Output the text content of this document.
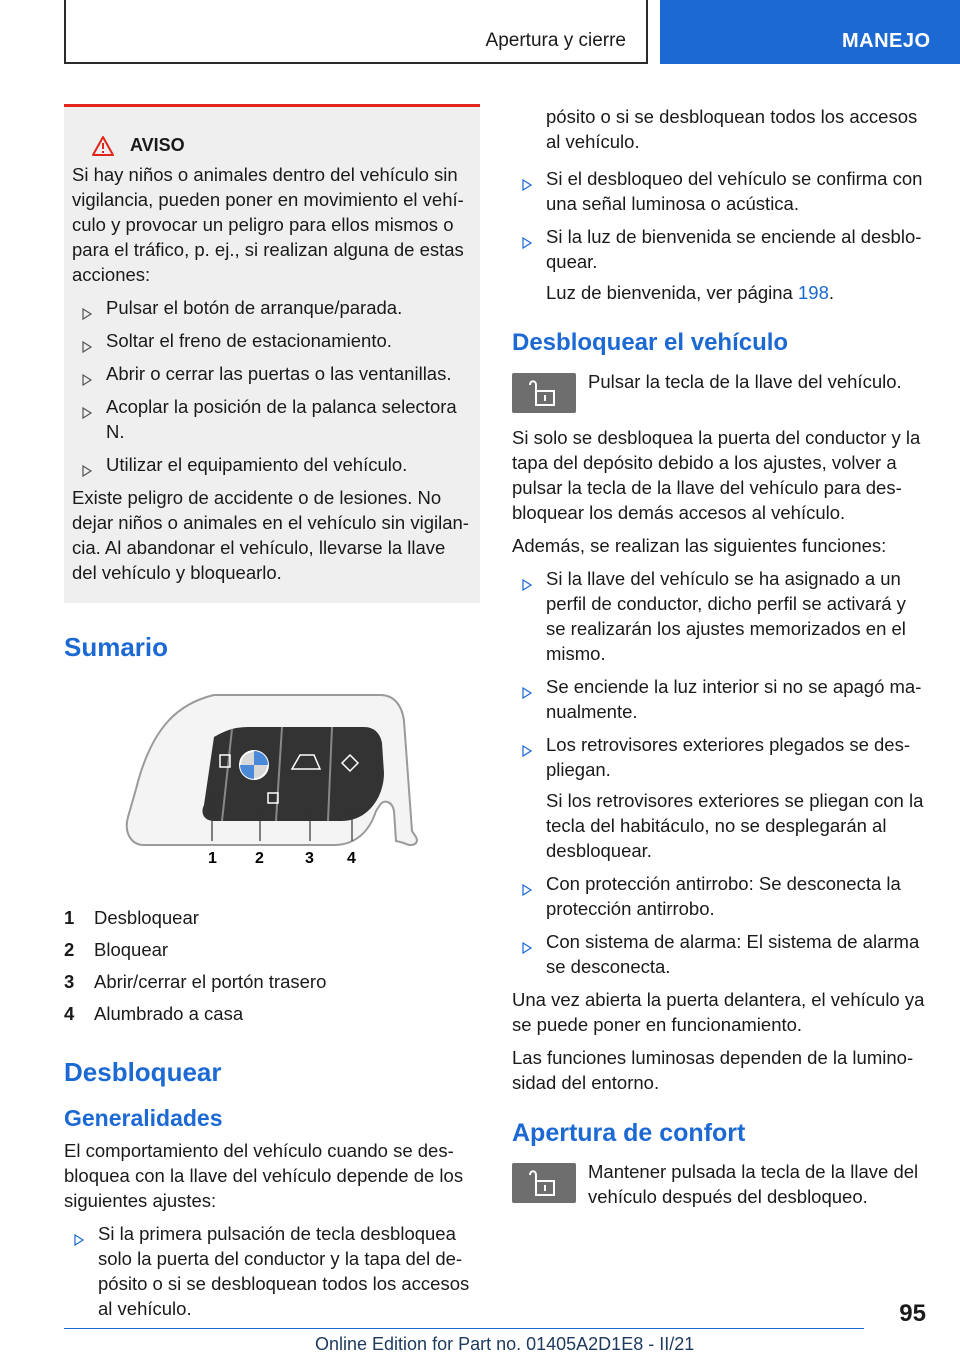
Apertura y cierre	MANEJO
AVISO

Si hay niños o animales dentro del vehículo sin vigilancia, pueden poner en movimiento el vehículo y provocar un peligro para ellos mismos o para el tráfico, p. ej., si realizan alguna de estas acciones:

Pulsar el botón de arranque/parada.
Soltar el freno de estacionamiento.
Abrir o cerrar las puertas o las ventanillas.
Acoplar la posición de la palanca selectora N.
Utilizar el equipamiento del vehículo.

Existe peligro de accidente o de lesiones. No dejar niños o animales en el vehículo sin vigilancia. Al abandonar el vehículo, llevarse la llave del vehículo y bloquearlo.

Sumario
1 2	3 4
1	Desbloquear
2	Bloquear
3	Abrir/cerrar el portón trasero
4	Alumbrado a casa
Desbloquear
Generalidades

El comportamiento del vehículo cuando se desbloquea con la llave del vehículo depende de los siguientes ajustes:

Si la primera pulsación de tecla desbloquea solo la puerta del conductor y la tapa del depósito o si se desbloquean todos los accesos al vehículo.

pósito o si se desbloquean todos los accesos al vehículo.

Si el desbloqueo del vehículo se confirma con una señal luminosa o acústica.
Si la luz de bienvenida se enciende al desbloquear.

Luz de bienvenida, ver página 198.

Desbloquear el vehículo
Pulsar la tecla de la llave del vehículo.

Si solo se desbloquea la puerta del conductor y la tapa del depósito debido a los ajustes, volver a pulsar la tecla de la llave del vehículo para desbloquear los demás accesos al vehículo.

Además, se realizan las siguientes funciones:

Si la llave del vehículo se ha asignado a un perfil de conductor, dicho perfil se activará y se realizarán los ajustes memorizados en el mismo.
Se enciende la luz interior si no se apagó manualmente.
Los retrovisores exteriores plegados se despliegan.

Si los retrovisores exteriores se pliegan con la tecla del habitáculo, no se desplegarán al desbloquear.

Con protección antirrobo: Se desconecta la protección antirrobo.
Con sistema de alarma: El sistema de alarma se desconecta.

Una vez abierta la puerta delantera, el vehículo ya se puede poner en funcionamiento.

Las funciones luminosas dependen de la luminosidad del entorno.

Apertura de confort
Mantener pulsada la tecla de la llave del vehículo después del desbloqueo.
95
Online Edition for Part no. 01405A2D1E8 - II/21
